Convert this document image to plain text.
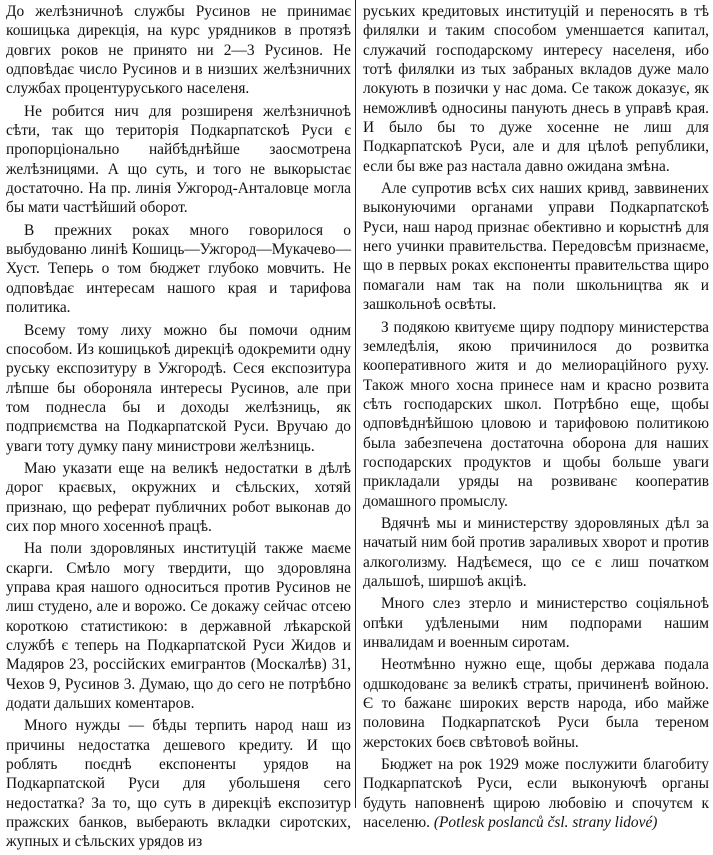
До желѣзничноѣ службы Русинов не принимає кошицька дирекція, на курс урядников в протязѣ довгих роков не принято ни 2—3 Русинов. Не одповѣдає число Русинов и в низших желѣзничних службах процентуруського населеня.

Не робится нич для розширеня желѣзничноѣ сѣти, так що територія Подкарпатскоѣ Руси є пропорціонально найбѣднѣйше заосмотрена желѣзницями. А що суть, и того не выкорыстає достаточно. На пр. линія Ужгород-Анталовце могла бы мати частѣйший оборот.

В прежних роках много говорилося о выбудованю линіѣ Кошиць—Ужгород—Мукачево—Хуст. Теперь о том бюджет глубоко мовчить. Не одповѣдає интересам нашого края и тарифова политика.

Всему тому лиху можно бы помочи одним способом. Из кошицькоѣ дирекціѣ одокремити одну руську експозитуру в Ужгородѣ. Сеся експозитура лѣпше бы обороняла интересы Русинов, але при том поднесла бы и доходы желѣзниць, як подприємства на Подкарпатской Руси. Вручаю до уваги тоту думку пану министрови желѣзниць.

Маю указати еще на великѣ недостатки в дѣлѣ дорог краєвых, окружних и сѣльских, хотяй признаю, що реферат публичних робот выконав до сих пор много хосенноѣ працѣ.

На поли здоровляных институцій также маєме скарги. Смѣло могу твердити, що здоровляна управа края нашого односиться против Русинов не лиш студено, але и ворожо. Се докажу сейчас отсею короткою статистикою: в державной лѣкарской службѣ є теперь на Подкарпатской Руси Жидов и Мадяров 23, россійских емигрантов (Москалѣв) 31, Чехов 9, Русинов 3. Думаю, що до сего не потрѣбно додати дальших коментаров.

Много нужды — бѣды терпить народ наш из причины недостатка дешевого кредиту. И що роблять поєднѣ експоненты урядов на Подкарпатской Руси для убольшеня сего недостатка? За то, що суть в дирекціѣ експозитур пражских банков, выберають вкладки сиротских, жупных и сѣльских урядов из

руських кредитовых институцій и переносять в тѣ филялки и таким способом уменшается капитал, служачий господарскому интересу населеня, ибо тотѣ филялки из тых забраных вкладов дуже мало локують в позички у нас дома. Се також доказує, як неможливѣ односины панують днесь в управѣ края. И было бы то дуже хосенне не лиш для Подкарпатскоѣ Руси, але и для цѣлоѣ републики, если бы вже раз настала давно ожидана змѣна.

Але супротив всѣх сих наших кривд, заввинених выконуючими органами управи Подкарпатскоѣ Руси, наш народ признає обективно и корыстнѣ для него учинки правительства. Передовсѣм признаєме, що в первых роках експоненты правительства щиро помагали нам так на поли школьництва як и зашкольноѣ освѣты.

З подякою квитуєме щиру подпору министерства земледѣлія, якою причинилося до розвитка кооперативного житя и до мелиораційного руху. Також много хосна принесе нам и красно розвита сѣть господарских школ. Потрѣбно еще, щобы одповѣднѣйшою цловою и тарифовою политикою была забезпечена достаточна оборона для наших господарских продуктов и щобы больше уваги прикладали уряды на розвиванє кооператив домашного промыслу.

Вдячнѣ мы и министерству здоровляных дѣл за начатый ним бой против зараливых хворот и против алкоголизму. Надѣємеся, що се є лиш початком дальшоѣ, ширшоѣ акціѣ.

Много слез зтерло и министерство соціяльноѣ опѣки удѣлеными ним подпорами нашим инвалидам и военным сиротам.

Неотмѣнно нужно еще, щобы держава подала одшкодованє за великѣ страты, причиненѣ войною. Є то бажанє широких верств народа, ибо майже половина Подкарпатскоѣ Руси была тереном жерстоких боєв свѣтовоѣ войны.

Бюджет на рок 1929 може послужити благобиту Подкарпатскоѣ Руси, если выконуючѣ органы будуть наповненѣ щирою любовію и спочутєм к населеню. (Potlesk poslanců čsl. strany lidové)
